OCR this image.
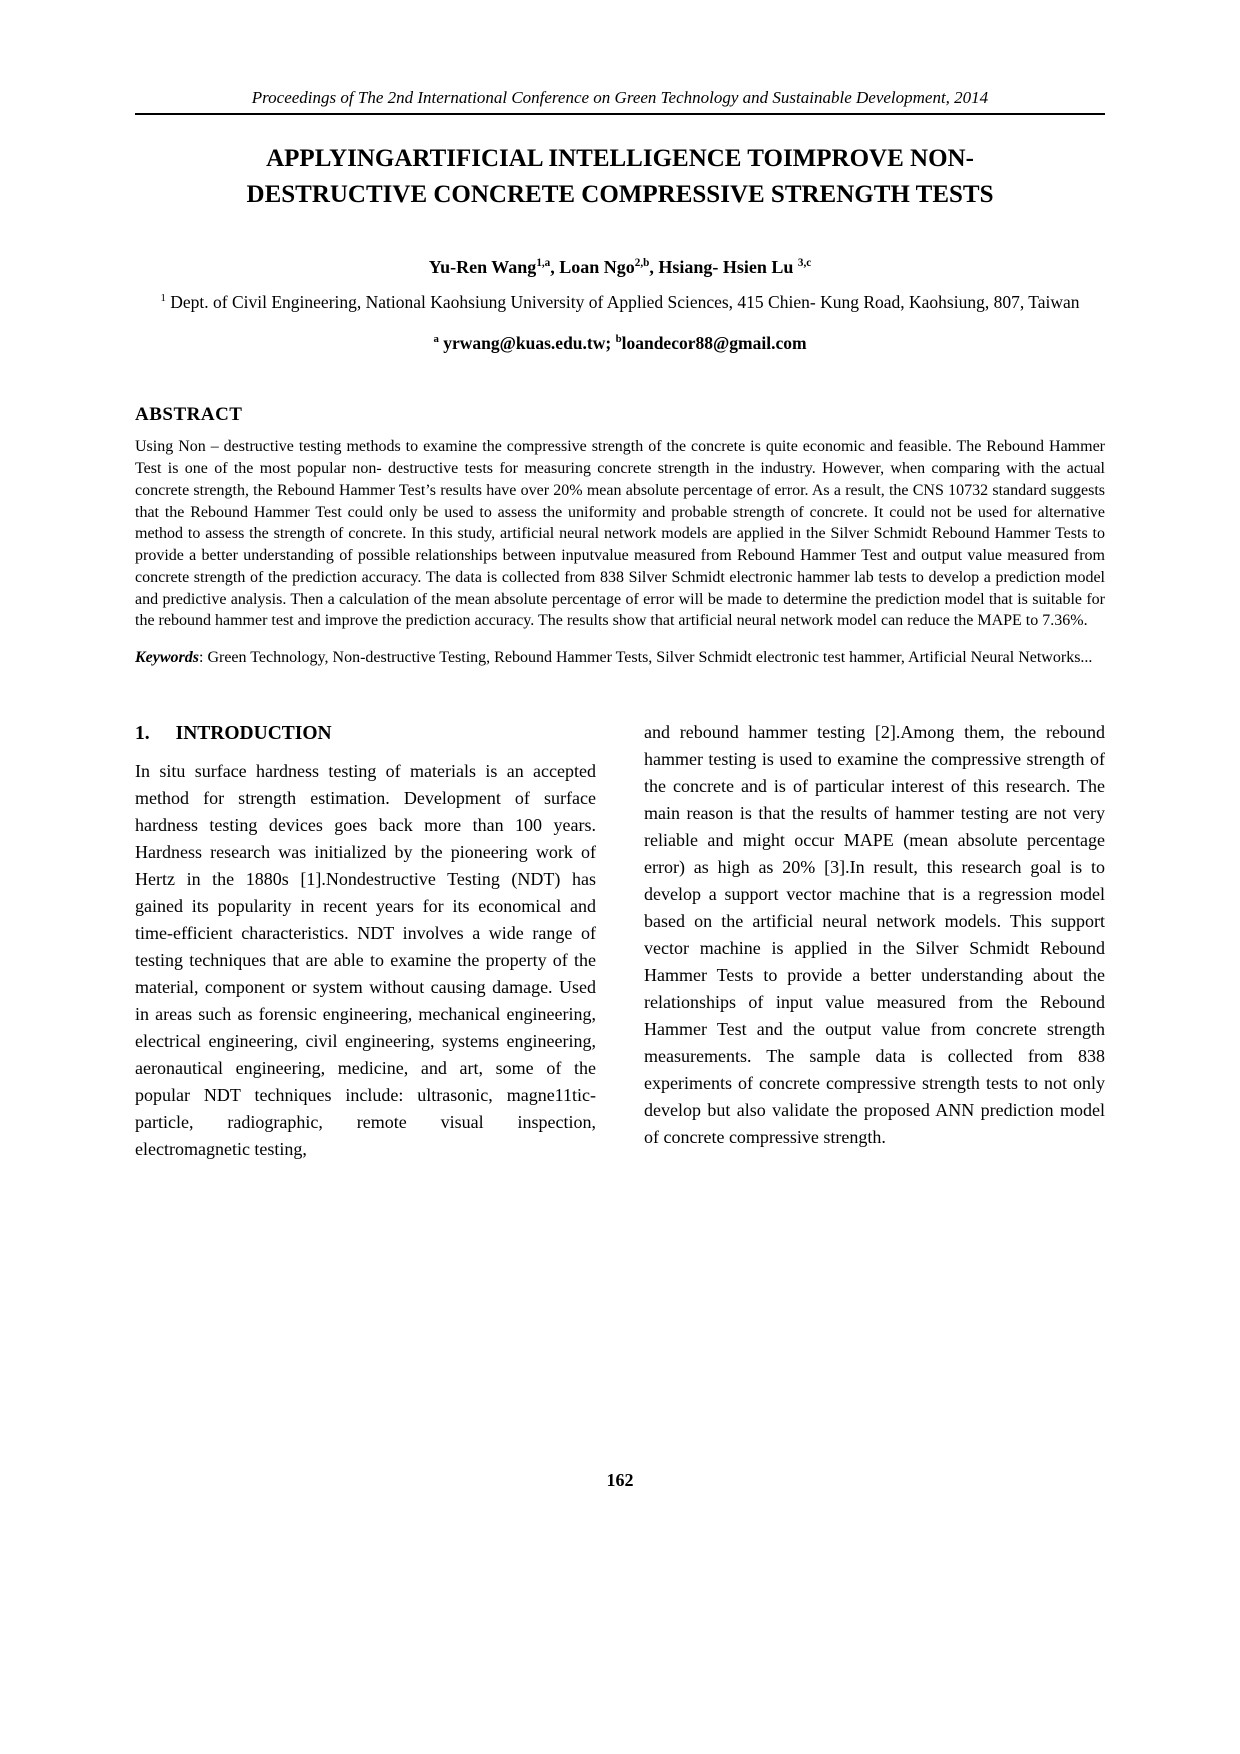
Proceedings of The 2nd International Conference on Green Technology and Sustainable Development, 2014
APPLYINGARTIFICIAL INTELLIGENCE TOIMPROVE NON-
DESTRUCTIVE CONCRETE COMPRESSIVE STRENGTH TESTS
Yu-Ren Wang$^{1,a}$, Loan Ngo$^{2,b}$, Hsiang- Hsien Lu $^{3,c}$
$^1$ Dept. of Civil Engineering, National Kaohsiung University of Applied Sciences, 415 Chien- Kung Road, Kaohsiung, 807, Taiwan
$^a$ yrwang@kuas.edu.tw; $^b$loandecor88@gmail.com
ABSTRACT

Using Non – destructive testing methods to examine the compressive strength of the concrete is quite economic and feasible. The Rebound Hammer Test is one of the most popular non- destructive tests for measuring concrete strength in the industry. However, when comparing with the actual concrete strength, the Rebound Hammer Test’s results have over 20% mean absolute percentage of error. As a result, the CNS 10732 standard suggests that the Rebound Hammer Test could only be used to assess the uniformity and probable strength of concrete. It could not be used for alternative method to assess the strength of concrete. In this study, artificial neural network models are applied in the Silver Schmidt Rebound Hammer Tests to provide a better understanding of possible relationships between inputvalue measured from Rebound Hammer Test and output value measured from concrete strength of the prediction accuracy. The data is collected from 838 Silver Schmidt electronic hammer lab tests to develop a prediction model and predictive analysis. Then a calculation of the mean absolute percentage of error will be made to determine the prediction model that is suitable for the rebound hammer test and improve the prediction accuracy. The results show that artificial neural network model can reduce the MAPE to 7.36%.

Keywords: Green Technology, Non-destructive Testing, Rebound Hammer Tests, Silver Schmidt electronic test hammer, Artificial Neural Networks...

1. INTRODUCTION

In situ surface hardness testing of materials is an accepted method for strength estimation. Development of surface hardness testing devices goes back more than 100 years. Hardness research was initialized by the pioneering work of Hertz in the 1880s [1].Nondestructive Testing (NDT) has gained its popularity in recent years for its economical and time-efficient characteristics. NDT involves a wide range of testing techniques that are able to examine the property of the material, component or system without causing damage. Used in areas such as forensic engineering, mechanical engineering, electrical engineering, civil engineering, systems engineering, aeronautical engineering, medicine, and art, some of the popular NDT techniques include: ultrasonic, magne11tic-particle, radiographic, remote visual inspection, electromagnetic testing,

and rebound hammer testing [2].Among them, the rebound hammer testing is used to examine the compressive strength of the concrete and is of particular interest of this research. The main reason is that the results of hammer testing are not very reliable and might occur MAPE (mean absolute percentage error) as high as 20% [3].In result, this research goal is to develop a support vector machine that is a regression model based on the artificial neural network models. This support vector machine is applied in the Silver Schmidt Rebound Hammer Tests to provide a better understanding about the relationships of input value measured from the Rebound Hammer Test and the output value from concrete strength measurements. The sample data is collected from 838 experiments of concrete compressive strength tests to not only develop but also validate the proposed ANN prediction model of concrete compressive strength.

162
